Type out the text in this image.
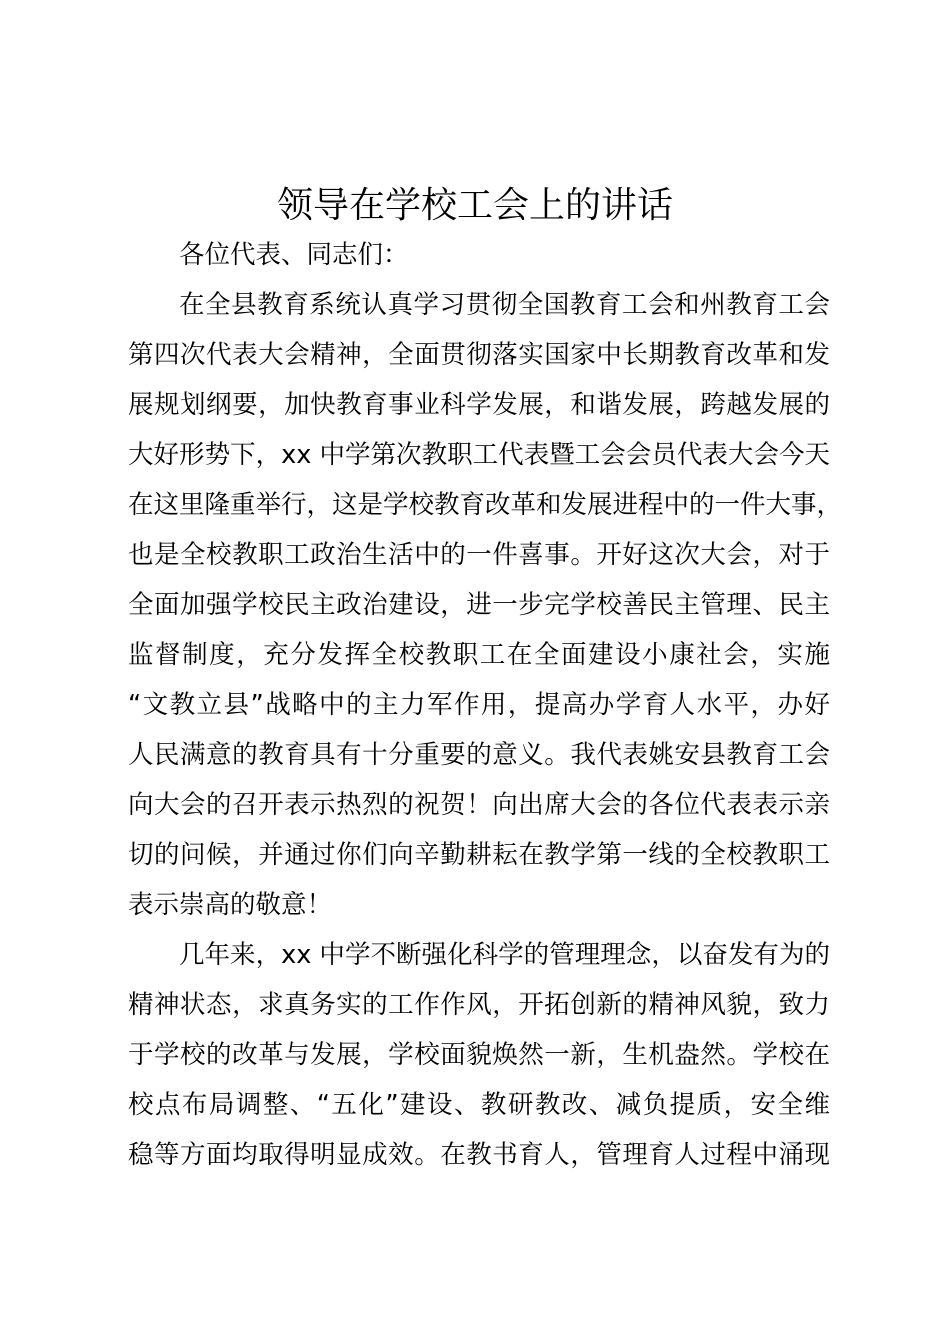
领导在学校工会上的讲话
各位代表、同志们：
在全县教育系统认真学习贯彻全国教育工会和州教育工会
第四次代表大会精神，全面贯彻落实国家中长期教育改革和发
展规划纲要，加快教育事业科学发展，和谐发展，跨越发展的
大好形势下，xx 中学第次教职工代表暨工会会员代表大会今天
在这里隆重举行，这是学校教育改革和发展进程中的一件大事，
也是全校教职工政治生活中的一件喜事。开好这次大会，对于
全面加强学校民主政治建设，进一步完学校善民主管理、民主
监督制度，充分发挥全校教职工在全面建设小康社会，实施
“文教立县”战略中的主力军作用，提高办学育人水平，办好
人民满意的教育具有十分重要的意义。我代表姚安县教育工会
向大会的召开表示热烈的祝贺！向出席大会的各位代表表示亲
切的问候，并通过你们向辛勤耕耘在教学第一线的全校教职工
表示崇高的敬意！
几年来，xx 中学不断强化科学的管理理念，以奋发有为的
精神状态，求真务实的工作作风，开拓创新的精神风貌，致力
于学校的改革与发展，学校面貌焕然一新，生机盎然。学校在
校点布局调整、“五化”建设、教研教改、减负提质，安全维
稳等方面均取得明显成效。在教书育人，管理育人过程中涌现
